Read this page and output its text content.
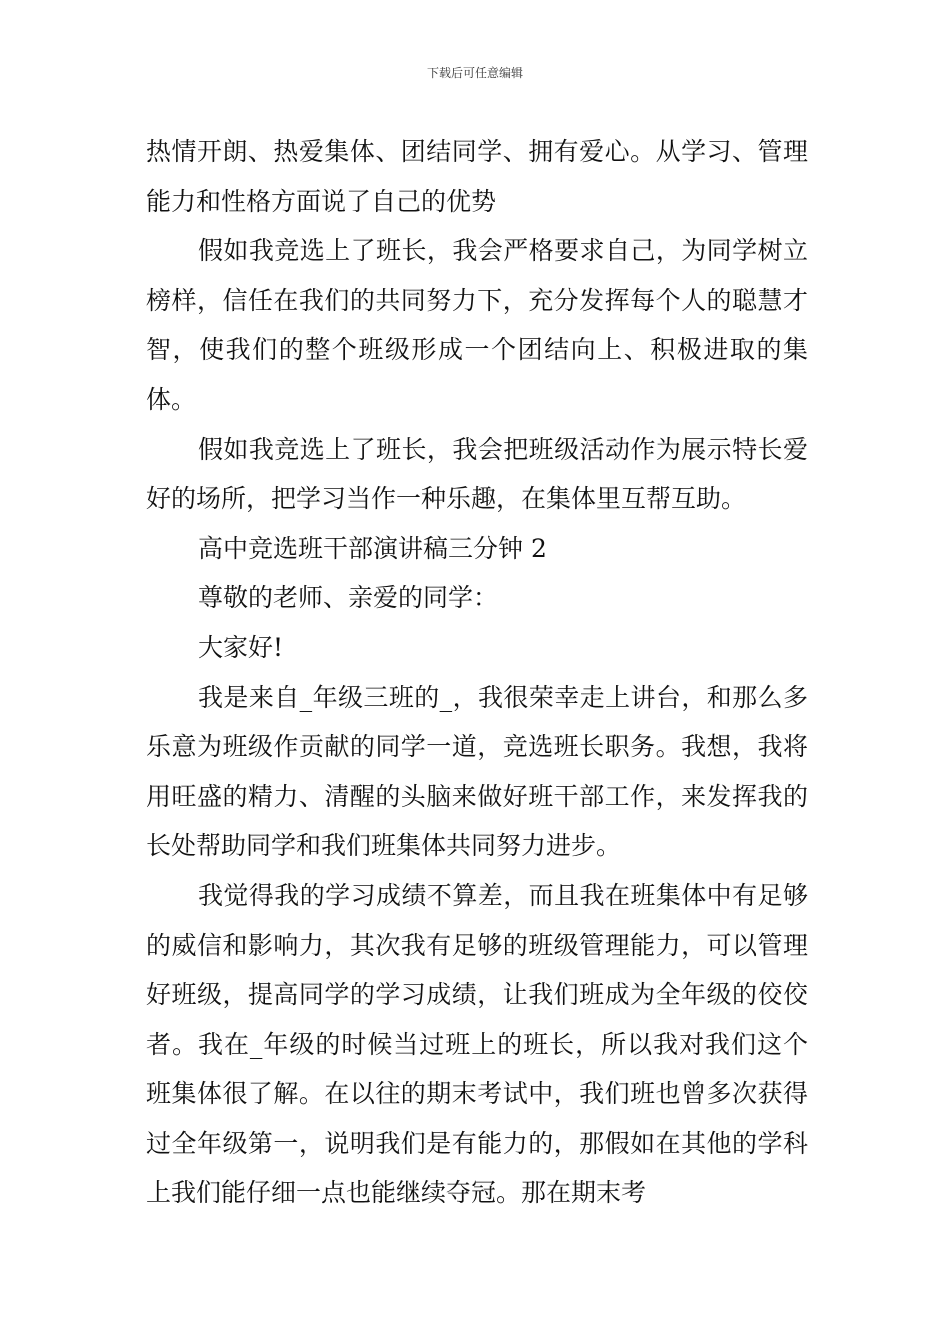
下载后可任意编辑

热情开朗、热爱集体、团结同学、拥有爱心。从学习、管理能力和性格方面说了自己的优势

假如我竞选上了班长，我会严格要求自己，为同学树立榜样，信任在我们的共同努力下，充分发挥每个人的聪慧才智，使我们的整个班级形成一个团结向上、积极进取的集体。

假如我竞选上了班长，我会把班级活动作为展示特长爱好的场所，把学习当作一种乐趣，在集体里互帮互助。

高中竞选班干部演讲稿三分钟 2

尊敬的老师、亲爱的同学：

大家好!

我是来自_年级三班的_，我很荣幸走上讲台，和那么多乐意为班级作贡献的同学一道，竞选班长职务。我想，我将用旺盛的精力、清醒的头脑来做好班干部工作，来发挥我的长处帮助同学和我们班集体共同努力进步。

我觉得我的学习成绩不算差，而且我在班集体中有足够的威信和影响力，其次我有足够的班级管理能力，可以管理好班级，提高同学的学习成绩，让我们班成为全年级的佼佼者。我在_年级的时候当过班上的班长，所以我对我们这个班集体很了解。在以往的期末考试中，我们班也曾多次获得过全年级第一，说明我们是有能力的，那假如在其他的学科上我们能仔细一点也能继续夺冠。那在期末考
